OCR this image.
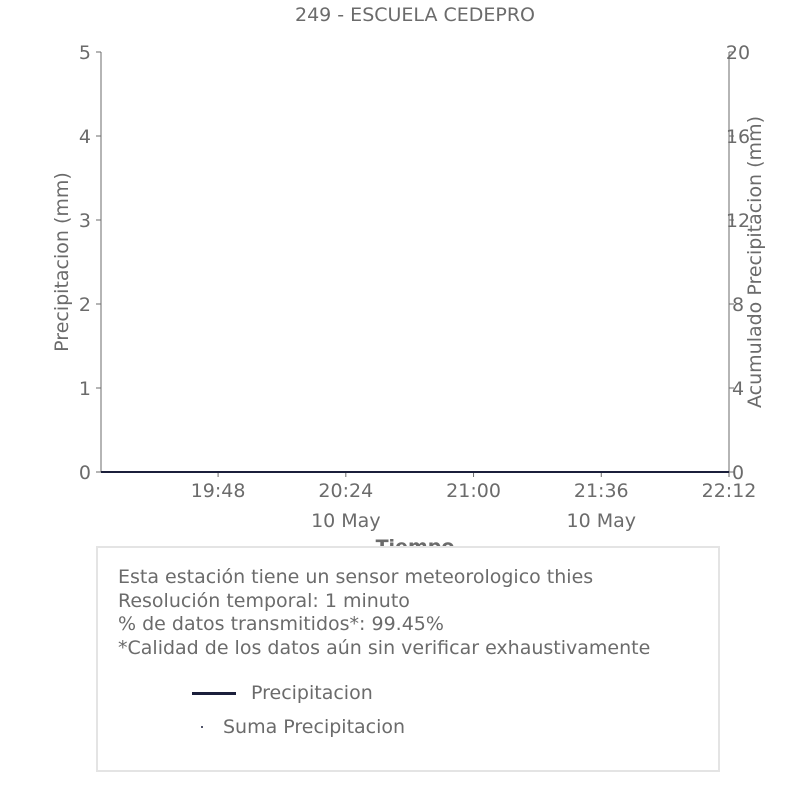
249 - ESCUELA CEDEPRO
0
1
2
3
4
5
0
4
8
12
16
20
19:48	20:24	21:00	21:36	22:12
10 May	10 May
Precipitacion (mm)	Acumulado Precipitacion (mm)
Esta estación tiene un sensor meteorologico thies
Resolución temporal: 1 minuto
% de datos transmitidos*: 99.45%
*Calidad de los datos aún sin verificar exhaustivamente
Precipitacion
Suma Precipitacion
